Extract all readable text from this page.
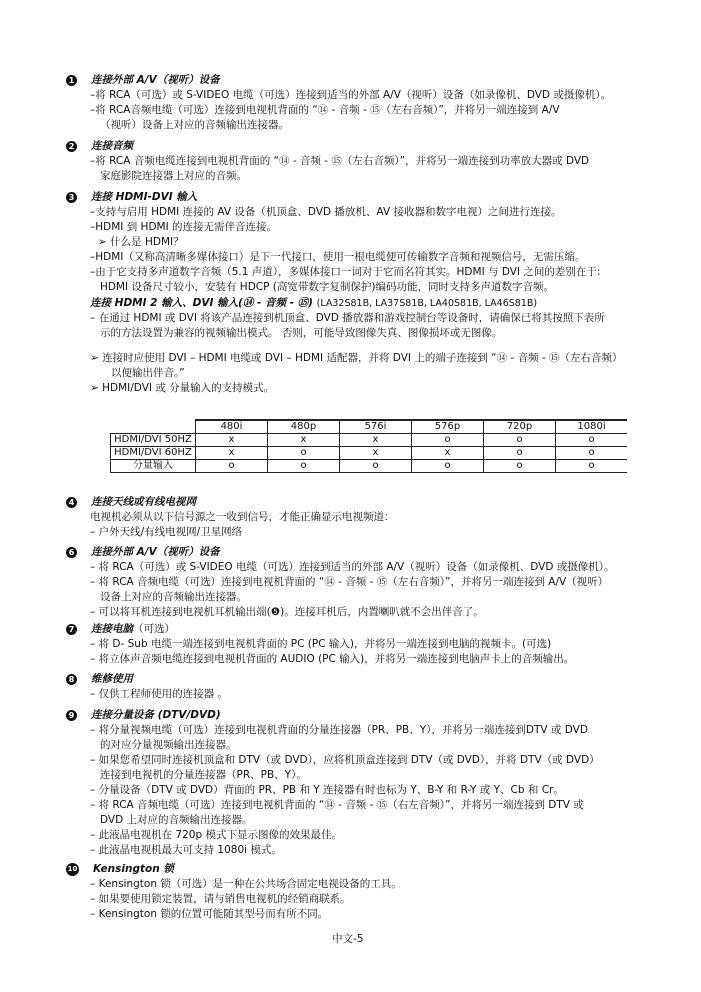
1 连接外部 A/V（视听）设备
–将 RCA（可选）或 S-VIDEO 电缆（可选）连接到适当的外部 A/V（视听）设备（如录像机、DVD 或摄像机）。
–将 RCA音频电缆（可选）连接到电视机背面的 “⑭ - 音频 - ⑮（左右音频）”，并将另一端连接到 A/V
（视听）设备上对应的音频输出连接器。
2 连接音频
–将 RCA 音频电缆连接到电视机背面的 “⑭ - 音频 - ⑮（左右音频）”，并将另一端连接到功率放大器或 DVD
家庭影院连接器上对应的音频。
3 连接 HDMI-DVI 输入
–支持与启用 HDMI 连接的 AV 设备（机顶盒、DVD 播放机、AV 接收器和数字电视）之间进行连接。
–HDMI 到 HDMI 的连接无需伴音连接。
➢ 什么是 HDMI？
–HDMI（又称高清晰多媒体接口）是下一代接口，使用一根电缆便可传输数字音频和视频信号，无需压缩。
–由于它支持多声道数字音频（5.1 声道），多媒体接口一词对于它而名符其实。HDMI 与 DVI 之间的差别在于:
HDMI 设备尺寸较小，安装有 HDCP (高宽带数字复制保护)编码功能，同时支持多声道数字音频。
连接 HDMI 2 输入、DVI 输入(⑭ - 音频 - ⑮) (LA32S81B, LA37S81B, LA40S81B, LA46S81B)
– 在通过 HDMI 或 DVI 将该产品连接到机顶盒、DVD 播放器和游戏控制台等设备时，请确保已将其按照下表所
示的方法设置为兼容的视频输出模式。 否则，可能导致图像失真、图像损坏或无图像。
➢ 连接时应使用 DVI – HDMI 电缆或 DVI – HDMI 适配器，并将 DVI 上的端子连接到 “⑭ - 音频 - ⑮（左右音频）
以便输出伴音。”
➢ HDMI/DVI 或 分量输入的支持模式。
	480i	480p	576i	576p	720p	1080i
HDMI/DVI 50HZ	x	x	x	o	o	o
HDMI/DVI 60HZ	x	o	x	x	o	o
分量输入	o	o	o	o	o	o
4 连接天线或有线电视网
电视机必须从以下信号源之一收到信号，才能正确显示电视频道：
– 户外天线/有线电视网/卫星网络
6 连接外部 A/V（视听）设备
– 将 RCA（可选）或 S-VIDEO 电缆（可选）连接到适当的外部 A/V（视听）设备（如录像机、DVD 或摄像机）。
– 将 RCA 音频电缆（可选）连接到电视机背面的 “⑭ - 音频 - ⑮（左右音频）”，并将另一端连接到 A/V（视听）
设备上对应的音频输出连接器。
– 可以将耳机连接到电视机耳机输出端(❺)。连接耳机后，内置喇叭就不会出伴音了。
7 连接电脑 （可选）
– 将 D- Sub 电缆一端连接到电视机背面的 PC (PC 输入)，并将另一端连接到电脑的视频卡。(可选)
– 将立体声音频电缆连接到电视机背面的 AUDIO (PC 输入)，并将另一端连接到电脑声卡上的音频输出。
8 维修使用
– 仅供工程师使用的连接器 。
9 连接分量设备 (DTV/DVD)
– 将分量视频电缆（可选）连接到电视机背面的分量连接器（PR、PB、Y），并将另一端连接到DTV 或 DVD
的对应分量视频输出连接器。
– 如果您希望同时连接机顶盒和 DTV（或 DVD），应将机顶盒连接到 DTV（或 DVD），并将 DTV（或 DVD）
连接到电视机的分量连接器（PR、PB、Y）。
– 分量设备（DTV 或 DVD）背面的 PR、PB 和 Y 连接器有时也标为 Y、B-Y 和 R-Y 或 Y、Cb 和 Cr。
– 将 RCA 音频电缆（可选）连接到电视机背面的 “⑭ - 音频 - ⑮（右左音频）”，并将另一端连接到 DTV 或
DVD 上对应的音频输出连接器。
– 此液晶电视机在 720p 模式下显示图像的效果最佳。
– 此液晶电视机最大可支持 1080i 模式。
10 Kensington 锁
– Kensington 锁（可选）是一种在公共场合固定电视设备的工具。
– 如果要使用锁定装置，请与销售电视机的经销商联系。
– Kensington 锁的位置可能随其型号而有所不同。
中文-5
